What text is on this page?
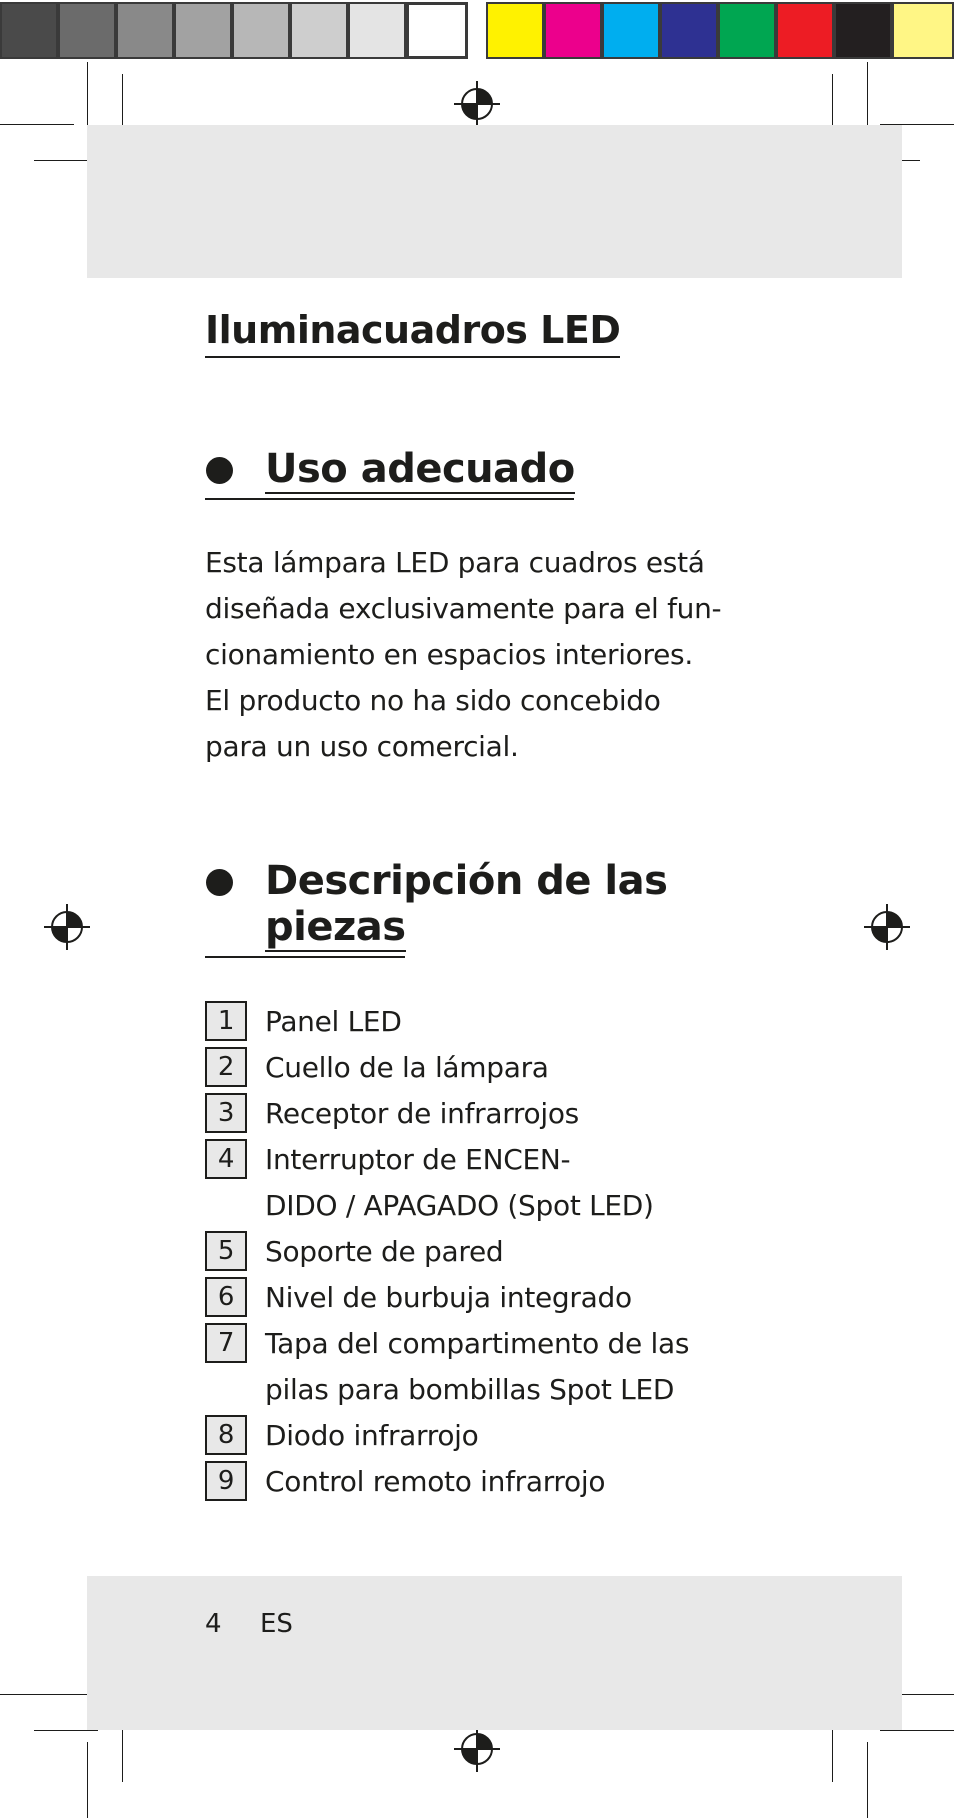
Iluminacuadros LED
Uso adecuado
Esta lámpara LED para cuadros está
diseñada exclusivamente para el fun-
cionamiento en espacios interiores.
El producto no ha sido concebido
para un uso comercial.
Descripción de las
piezas
1	Panel LED
2	Cuello de la lámpara
3	Receptor de infrarrojos
4	Interruptor de ENCEN-
DIDO / APAGADO (Spot LED)
5	Soporte de pared
6	Nivel de burbuja integrado
7	Tapa del compartimento de las
pilas para bombillas Spot LED
8	Diodo infrarrojo
9	Control remoto infrarrojo
4 ES
